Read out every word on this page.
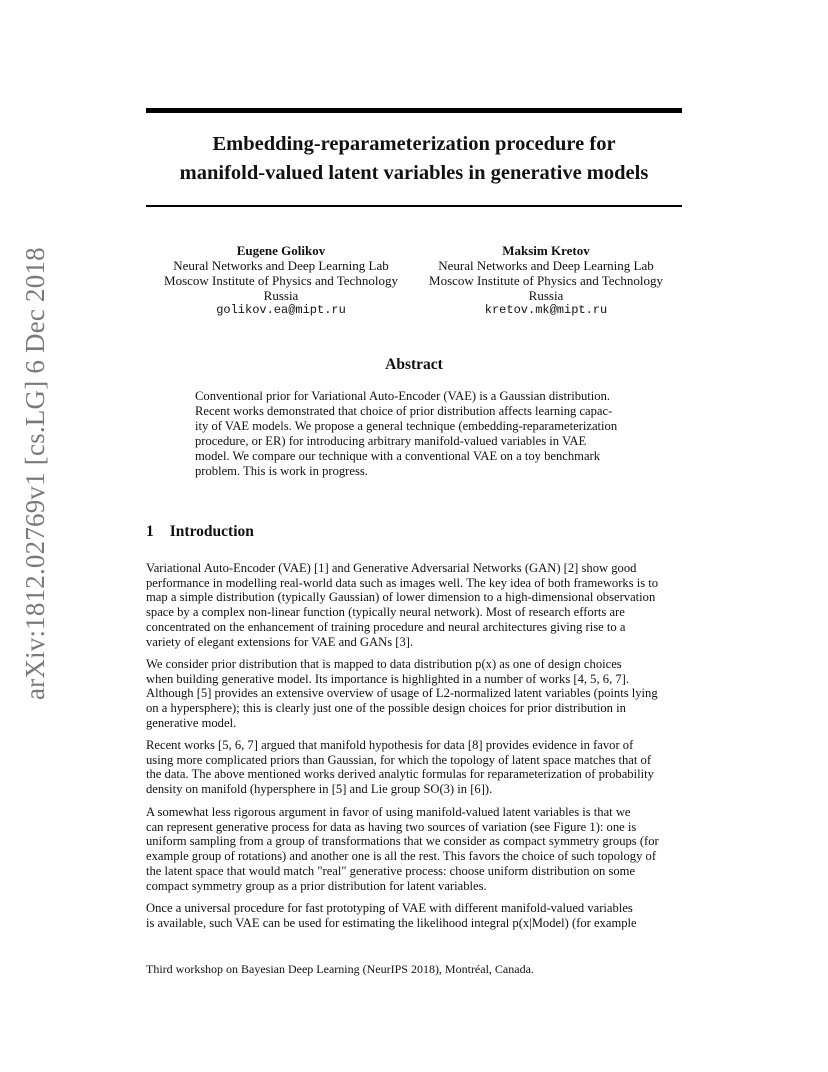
arXiv:1812.02769v1 [cs.LG] 6 Dec 2018
Embedding-reparameterization procedure for
manifold-valued latent variables in generative models
Eugene Golikov
Neural Networks and Deep Learning Lab
Moscow Institute of Physics and Technology
Russia
golikov.ea@mipt.ru
Maksim Kretov
Neural Networks and Deep Learning Lab
Moscow Institute of Physics and Technology
Russia
kretov.mk@mipt.ru
Abstract
Conventional prior for Variational Auto-Encoder (VAE) is a Gaussian distribution.
Recent works demonstrated that choice of prior distribution affects learning capac-
ity of VAE models. We propose a general technique (embedding-reparameterization
procedure, or ER) for introducing arbitrary manifold-valued variables in VAE
model. We compare our technique with a conventional VAE on a toy benchmark
problem. This is work in progress.
1 Introduction
Variational Auto-Encoder (VAE) [1] and Generative Adversarial Networks (GAN) [2] show good
performance in modelling real-world data such as images well. The key idea of both frameworks is to
map a simple distribution (typically Gaussian) of lower dimension to a high-dimensional observation
space by a complex non-linear function (typically neural network). Most of research efforts are
concentrated on the enhancement of training procedure and neural architectures giving rise to a
variety of elegant extensions for VAE and GANs [3].
We consider prior distribution that is mapped to data distribution p(x) as one of design choices
when building generative model. Its importance is highlighted in a number of works [4, 5, 6, 7].
Although [5] provides an extensive overview of usage of L2-normalized latent variables (points lying
on a hypersphere); this is clearly just one of the possible design choices for prior distribution in
generative model.
Recent works [5, 6, 7] argued that manifold hypothesis for data [8] provides evidence in favor of
using more complicated priors than Gaussian, for which the topology of latent space matches that of
the data. The above mentioned works derived analytic formulas for reparameterization of probability
density on manifold (hypersphere in [5] and Lie group SO(3) in [6]).
A somewhat less rigorous argument in favor of using manifold-valued latent variables is that we
can represent generative process for data as having two sources of variation (see Figure 1): one is
uniform sampling from a group of transformations that we consider as compact symmetry groups (for
example group of rotations) and another one is all the rest. This favors the choice of such topology of
the latent space that would match "real" generative process: choose uniform distribution on some
compact symmetry group as a prior distribution for latent variables.
Once a universal procedure for fast prototyping of VAE with different manifold-valued variables
is available, such VAE can be used for estimating the likelihood integral p(x|Model) (for example
Third workshop on Bayesian Deep Learning (NeurIPS 2018), Montréal, Canada.
